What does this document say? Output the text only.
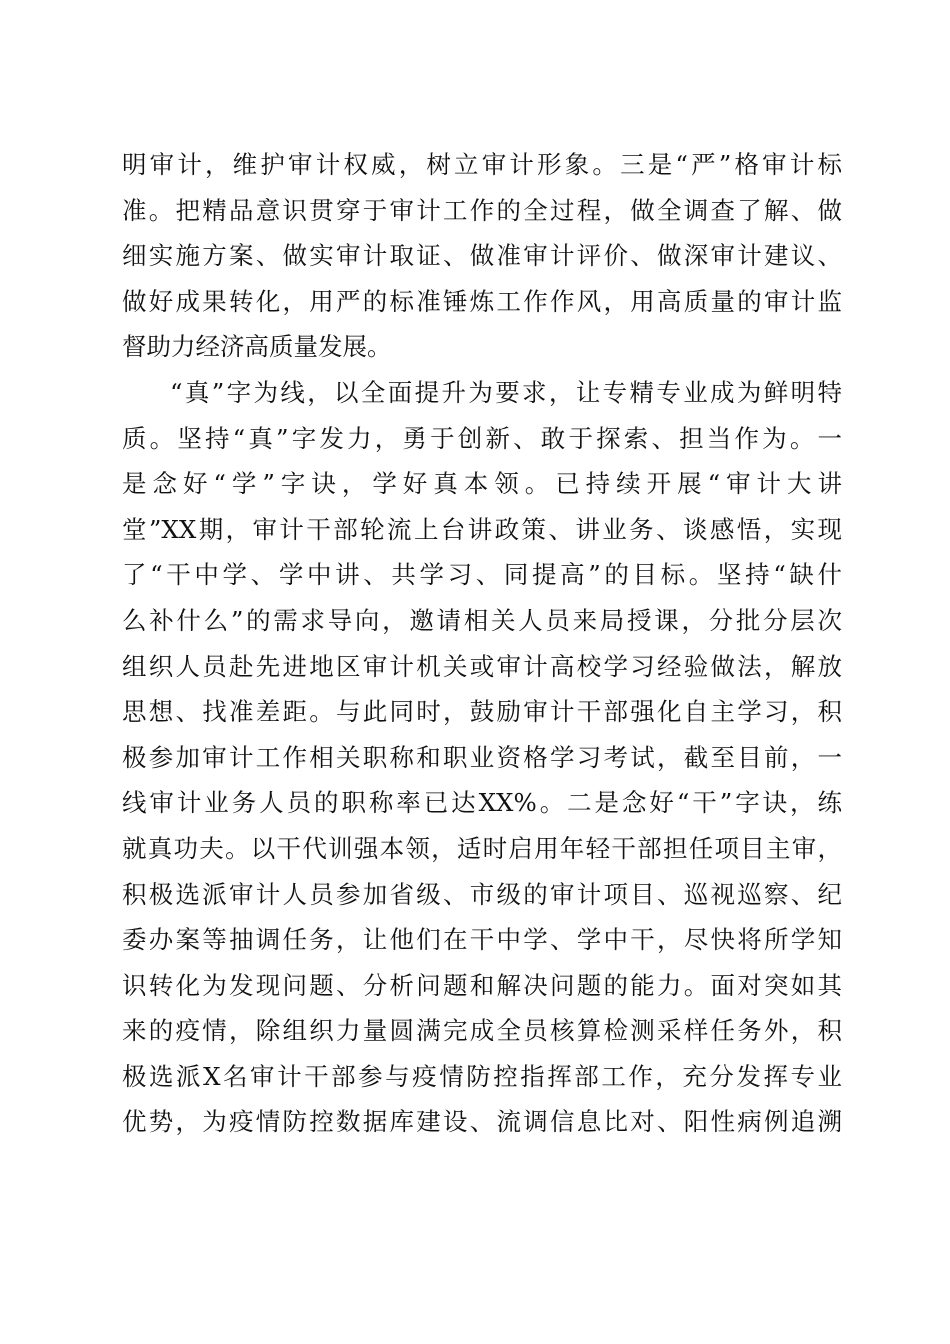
明审计，维护审计权威，树立审计形象。三是“严”格审计标
准。把精品意识贯穿于审计工作的全过程，做全调查了解、做
细实施方案、做实审计取证、做准审计评价、做深审计建议、
做好成果转化，用严的标准锤炼工作作风，用高质量的审计监
督助力经济高质量发展。
“真”字为线，以全面提升为要求，让专精专业成为鲜明特
质。坚持“真”字发力，勇于创新、敢于探索、担当作为。一
是念好“学”字诀，学好真本领。已持续开展“审计大讲
堂”XX期，审计干部轮流上台讲政策、讲业务、谈感悟，实现
了“干中学、学中讲、共学习、同提高”的目标。坚持“缺什
么补什么”的需求导向，邀请相关人员来局授课，分批分层次
组织人员赴先进地区审计机关或审计高校学习经验做法，解放
思想、找准差距。与此同时，鼓励审计干部强化自主学习，积
极参加审计工作相关职称和职业资格学习考试，截至目前，一
线审计业务人员的职称率已达XX%。二是念好“干”字诀，练
就真功夫。以干代训强本领，适时启用年轻干部担任项目主审，
积极选派审计人员参加省级、市级的审计项目、巡视巡察、纪
委办案等抽调任务，让他们在干中学、学中干，尽快将所学知
识转化为发现问题、分析问题和解决问题的能力。面对突如其
来的疫情，除组织力量圆满完成全员核算检测采样任务外，积
极选派X名审计干部参与疫情防控指挥部工作，充分发挥专业
优势，为疫情防控数据库建设、流调信息比对、阳性病例追溯
